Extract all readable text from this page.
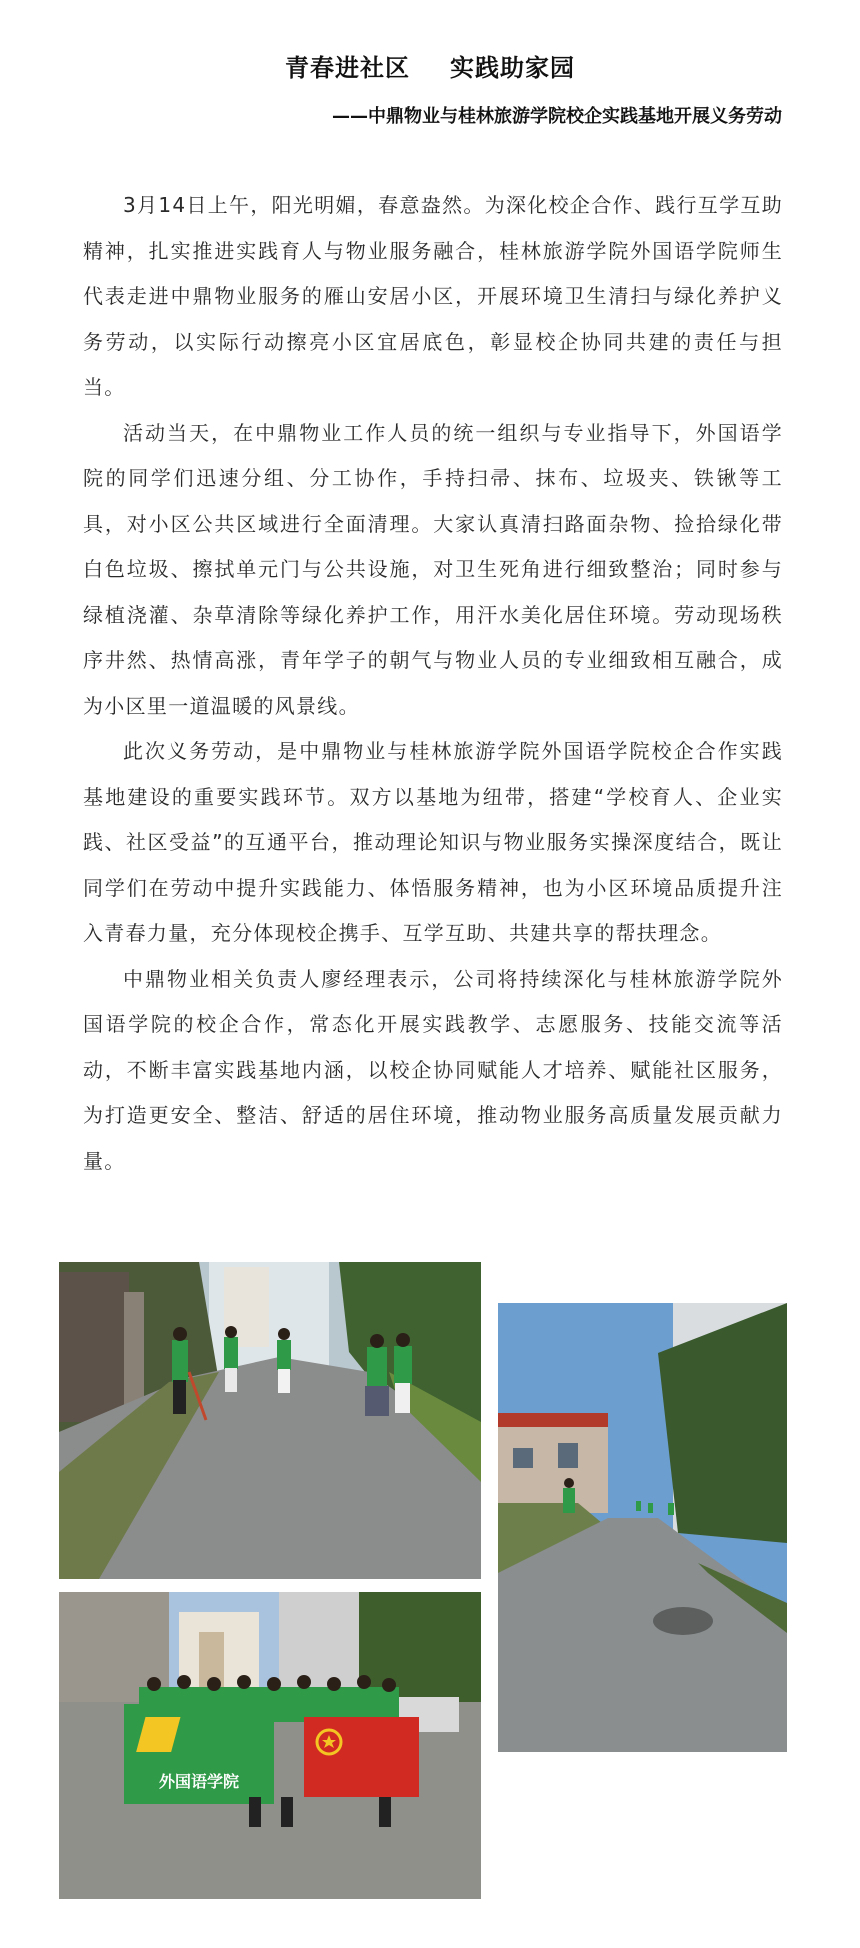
青春进社区 实践助家园
——中鼎物业与桂林旅游学院校企实践基地开展义务劳动

3月14日上午，阳光明媚，春意盎然。为深化校企合作、践行互学互助精神，扎实推进实践育人与物业服务融合，桂林旅游学院外国语学院师生代表走进中鼎物业服务的雁山安居小区，开展环境卫生清扫与绿化养护义务劳动，以实际行动擦亮小区宜居底色，彰显校企协同共建的责任与担当。

活动当天，在中鼎物业工作人员的统一组织与专业指导下，外国语学院的同学们迅速分组、分工协作，手持扫帚、抹布、垃圾夹、铁锹等工具，对小区公共区域进行全面清理。大家认真清扫路面杂物、捡拾绿化带白色垃圾、擦拭单元门与公共设施，对卫生死角进行细致整治；同时参与绿植浇灌、杂草清除等绿化养护工作，用汗水美化居住环境。劳动现场秩序井然、热情高涨，青年学子的朝气与物业人员的专业细致相互融合，成为小区里一道温暖的风景线。

此次义务劳动，是中鼎物业与桂林旅游学院外国语学院校企合作实践基地建设的重要实践环节。双方以基地为纽带，搭建“学校育人、企业实践、社区受益”的互通平台，推动理论知识与物业服务实操深度结合，既让同学们在劳动中提升实践能力、体悟服务精神，也为小区环境品质提升注入青春力量，充分体现校企携手、互学互助、共建共享的帮扶理念。

中鼎物业相关负责人廖经理表示，公司将持续深化与桂林旅游学院外国语学院的校企合作，常态化开展实践教学、志愿服务、技能交流等活动，不断丰富实践基地内涵，以校企协同赋能人才培养、赋能社区服务，为打造更安全、整洁、舒适的居住环境，推动物业服务高质量发展贡献力量。

外国语学院
